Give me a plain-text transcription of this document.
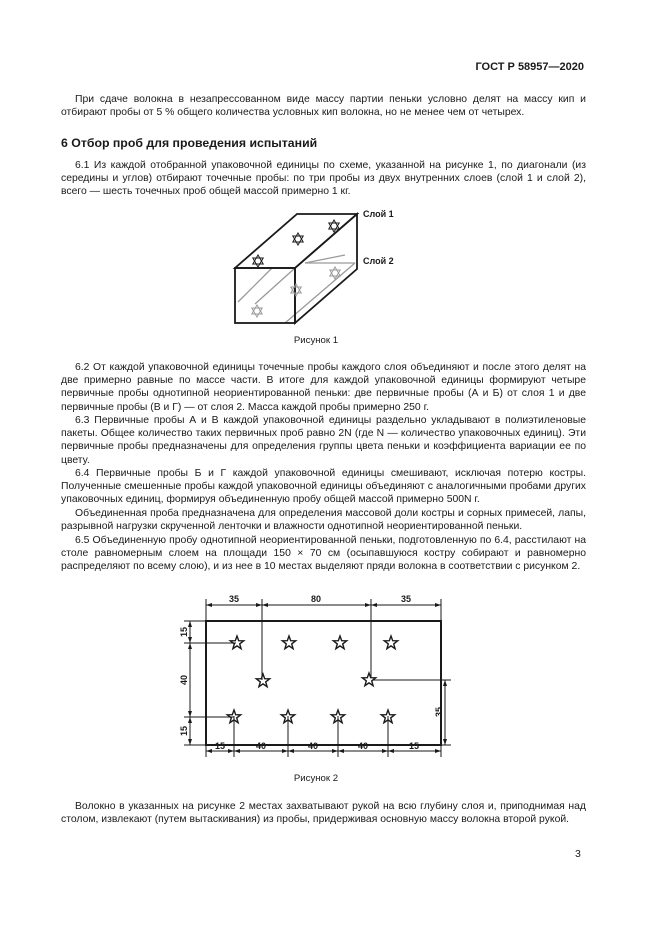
ГОСТ Р 58957—2020
При сдаче волокна в незапрессованном виде массу партии пеньки условно делят на массу кип и отбирают пробы от 5 % общего количества условных кип волокна, но не менее чем от четырех.
6 Отбор проб для проведения испытаний
6.1 Из каждой отобранной упаковочной единицы по схеме, указанной на рисунке 1, по диагонали (из середины и углов) отбирают точечные пробы: по три пробы из двух внутренних слоев (слой 1 и слой 2), всего — шесть точечных проб общей массой примерно 1 кг.
Слой 1
Слой 2
Рисунок 1
6.2 От каждой упаковочной единицы точечные пробы каждого слоя объединяют и после этого делят на две примерно равные по массе части. В итоге для каждой упаковочной единицы формируют четыре первичные пробы однотипной неориентированной пеньки: две первичные пробы (А и Б) от слоя 1 и две первичные пробы (В и Г) — от слоя 2. Масса каждой пробы примерно 250 г.
6.3 Первичные пробы А и В каждой упаковочной единицы раздельно укладывают в полиэтиленовые пакеты. Общее количество таких первичных проб равно 2N (где N — количество упаковочных единиц). Эти первичные пробы предназначены для определения группы цвета пеньки и коэффициента вариации ее по цвету.
6.4 Первичные пробы Б и Г каждой упаковочной единицы смешивают, исключая потерю костры. Полученные смешенные пробы каждой упаковочной единицы объединяют с аналогичными пробами других упаковочных единиц, формируя объединенную пробу общей массой примерно 500N г.
Объединенная проба предназначена для определения массовой доли костры и сорных примесей, лапы, разрывной нагрузки скрученной ленточки и влажности однотипной неориентированной пеньки.
6.5 Объединенную пробу однотипной неориентированной пеньки, подготовленную по 6.4, расстилают на столе равномерным слоем на площади 150 × 70 см (осыпавшуюся костру собирают и равномерно распределяют по всему слою), и из нее в 10 местах выделяют пряди волокна в соответствии с рисунком 2.
35	80	35
15	40	40	40	15
15
40
15
35
Рисунок 2
Волокно в указанных на рисунке 2 местах захватывают рукой на всю глубину слоя и, приподнимая над столом, извлекают (путем вытаскивания) из пробы, придерживая основную массу волокна второй рукой.
3
